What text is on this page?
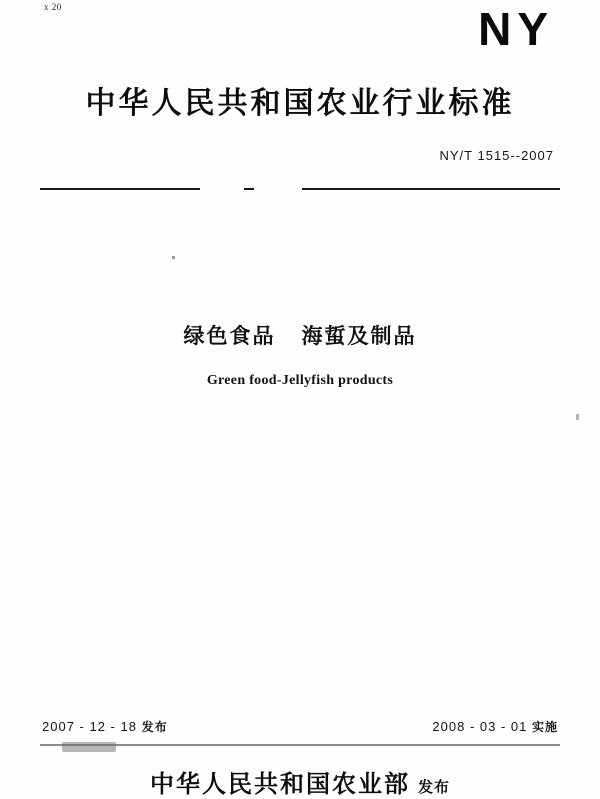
x 20	NY
中华人民共和国农业行业标准
NY/T 1515--2007
绿色食品 海蜇及制品
Green food-Jellyfish products
2007 - 12 - 18 发布	2008 - 03 - 01 实施
中华人民共和国农业部 发布
